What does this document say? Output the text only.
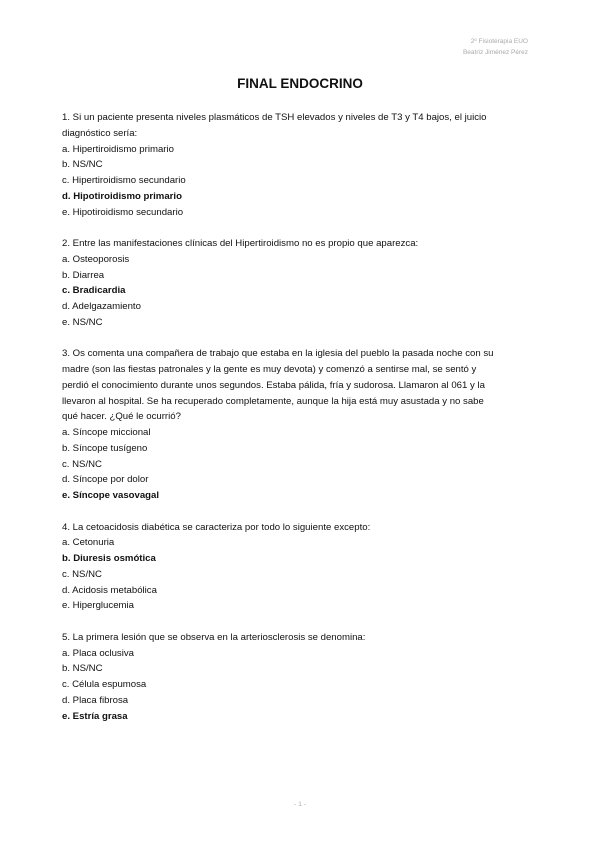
2º Fisioterapia EUO
Beatriz Jiménez Pérez
FINAL ENDOCRINO
1. Si un paciente presenta niveles plasmáticos de TSH elevados y niveles de T3 y T4 bajos, el juicio
diagnóstico sería:
a. Hipertiroidismo primario
b. NS/NC
c. Hipertiroidismo secundario
d. Hipotiroidismo primario
e. Hipotiroidismo secundario
2. Entre las manifestaciones clínicas del Hipertiroidismo no es propio que aparezca:
a. Osteoporosis
b. Diarrea
c. Bradicardia
d. Adelgazamiento
e. NS/NC
3. Os comenta una compañera de trabajo que estaba en la iglesia del pueblo la pasada noche con su
madre (son las fiestas patronales y la gente es muy devota) y comenzó a sentirse mal, se sentó y
perdió el conocimiento durante unos segundos. Estaba pálida, fría y sudorosa. Llamaron al 061 y la
llevaron al hospital. Se ha recuperado completamente, aunque la hija está muy asustada y no sabe
qué hacer. ¿Qué le ocurrió?
a. Síncope miccional
b. Síncope tusígeno
c. NS/NC
d. Síncope por dolor
e. Síncope vasovagal
4. La cetoacidosis diabética se caracteriza por todo lo siguiente excepto:
a. Cetonuria
b. Diuresis osmótica
c. NS/NC
d. Acidosis metabólica
e. Hiperglucemia
5. La primera lesión que se observa en la arteriosclerosis se denomina:
a. Placa oclusiva
b. NS/NC
c. Célula espumosa
d. Placa fibrosa
e. Estría grasa
- 1 -
